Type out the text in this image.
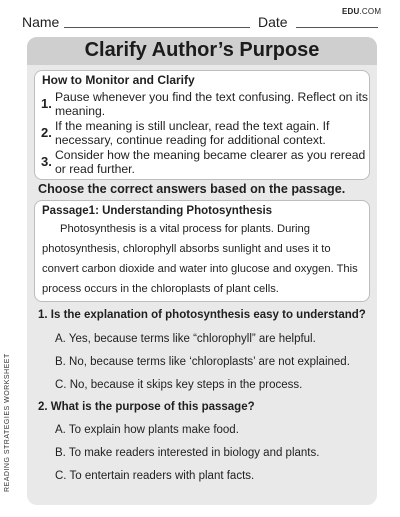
Name	Date
EDU.COM
READING STRATEGIES WORKSHEET
Clarify Author’s Purpose
How to Monitor and Clarify
1. Pause whenever you find the text confusing. Reflect on its meaning.
2. If the meaning is still unclear, read the text again. If necessary, continue reading for additional context.
3. Consider how the meaning became clearer as you reread or read further.
Choose the correct answers based on the passage.
Passage1: Understanding Photosynthesis
Photosynthesis is a vital process for plants. During photosynthesis, chlorophyll absorbs sunlight and uses it to convert carbon dioxide and water into glucose and oxygen. This process occurs in the chloroplasts of plant cells.
1. Is the explanation of photosynthesis easy to understand?
A. Yes, because terms like “chlorophyll” are helpful.
B. No, because terms like ‘chloroplasts’ are not explained.
C. No, because it skips key steps in the process.
2. What is the purpose of this passage?
A. To explain how plants make food.
B. To make readers interested in biology and plants.
C. To entertain readers with plant facts.
